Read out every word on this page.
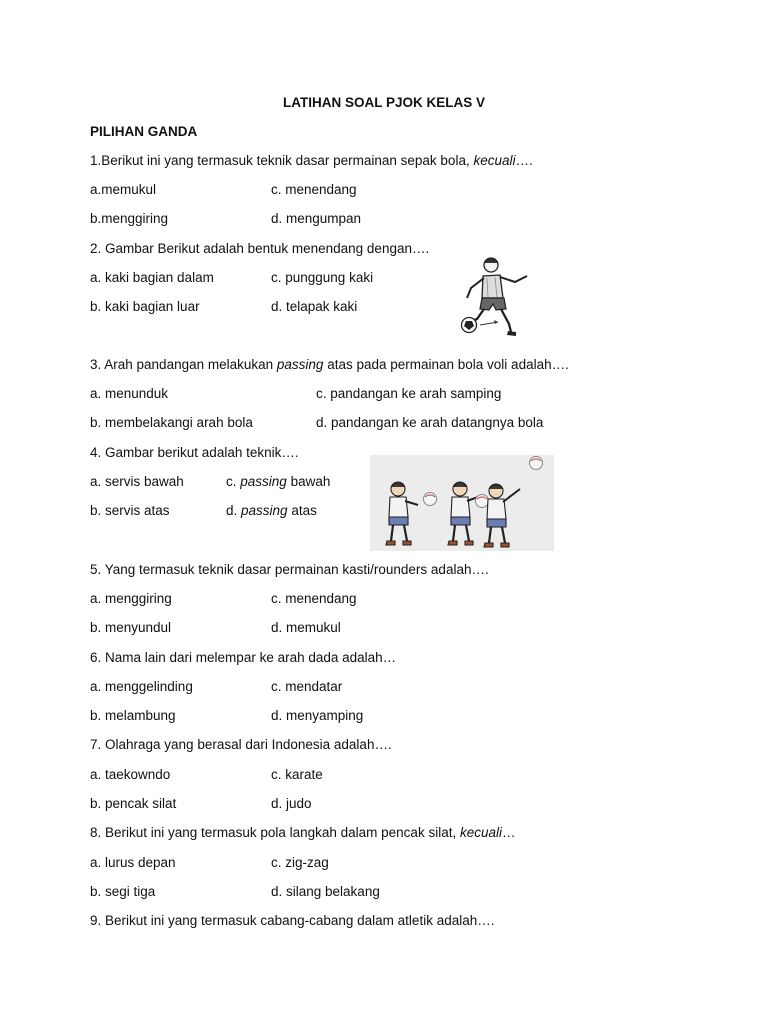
LATIHAN SOAL PJOK KELAS V
PILIHAN GANDA
1.Berikut ini yang termasuk teknik dasar permainan sepak bola, kecuali….
a.memukul	c. menendang
b.menggiring	d. mengumpan
2. Gambar Berikut adalah bentuk menendang dengan….
a. kaki bagian dalam	c. punggung kaki
b. kaki bagian luar	d. telapak kaki
3. Arah pandangan melakukan passing atas pada permainan bola voli adalah….
a. menunduk	c. pandangan ke arah samping
b. membelakangi arah bola	d. pandangan ke arah datangnya bola
4. Gambar berikut adalah teknik….
a. servis bawah	c. passing bawah
b. servis atas	d. passing atas
5. Yang termasuk teknik dasar permainan kasti/rounders adalah….
a. menggiring	c. menendang
b. menyundul	d. memukul
6. Nama lain dari melempar ke arah dada adalah…
a. menggelinding	c. mendatar
b. melambung	d. menyamping
7. Olahraga yang berasal dari Indonesia adalah….
a. taekowndo	c. karate
b. pencak silat	d. judo
8. Berikut ini yang termasuk pola langkah dalam pencak silat, kecuali…
a. lurus depan	c. zig-zag
b. segi tiga	d. silang belakang
9. Berikut ini yang termasuk cabang-cabang dalam atletik adalah….
